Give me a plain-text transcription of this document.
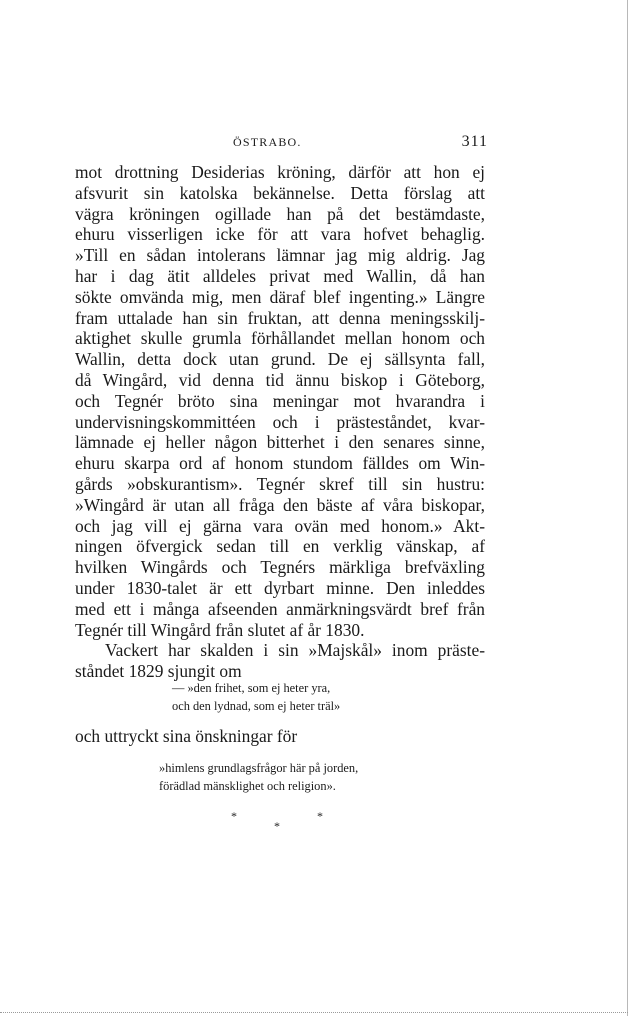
ÖSTRABO.	311
mot drottning Desiderias kröning, därför att hon ej
afsvurit sin katolska bekännelse. Detta förslag att
vägra kröningen ogillade han på det bestämdaste,
ehuru visserligen icke för att vara hofvet behaglig.
»Till en sådan intolerans lämnar jag mig aldrig. Jag
har i dag ätit alldeles privat med Wallin, då han
sökte omvända mig, men däraf blef ingenting.» Längre
fram uttalade han sin fruktan, att denna meningsskilj-
aktighet skulle grumla förhållandet mellan honom och
Wallin, detta dock utan grund. De ej sällsynta fall,
då Wingård, vid denna tid ännu biskop i Göteborg,
och Tegnér bröto sina meningar mot hvarandra i
undervisningskommittéen och i prästeståndet, kvar-
lämnade ej heller någon bitterhet i den senares sinne,
ehuru skarpa ord af honom stundom fälldes om Win-
gårds »obskurantism». Tegnér skref till sin hustru:
»Wingård är utan all fråga den bäste af våra biskopar,
och jag vill ej gärna vara ovän med honom.» Akt-
ningen öfvergick sedan till en verklig vänskap, af
hvilken Wingårds och Tegnérs märkliga brefväxling
under 1830-talet är ett dyrbart minne. Den inleddes
med ett i många afseenden anmärkningsvärdt bref från
Tegnér till Wingård från slutet af år 1830.
Vackert har skalden i sin »Majskål» inom präste-
ståndet 1829 sjungit om
— »den frihet, som ej heter yra,
och den lydnad, som ej heter träl»
och uttryckt sina önskningar för
»himlens grundlagsfrågor här på jorden,
förädlad mänsklighet och religion».
*	*
*
